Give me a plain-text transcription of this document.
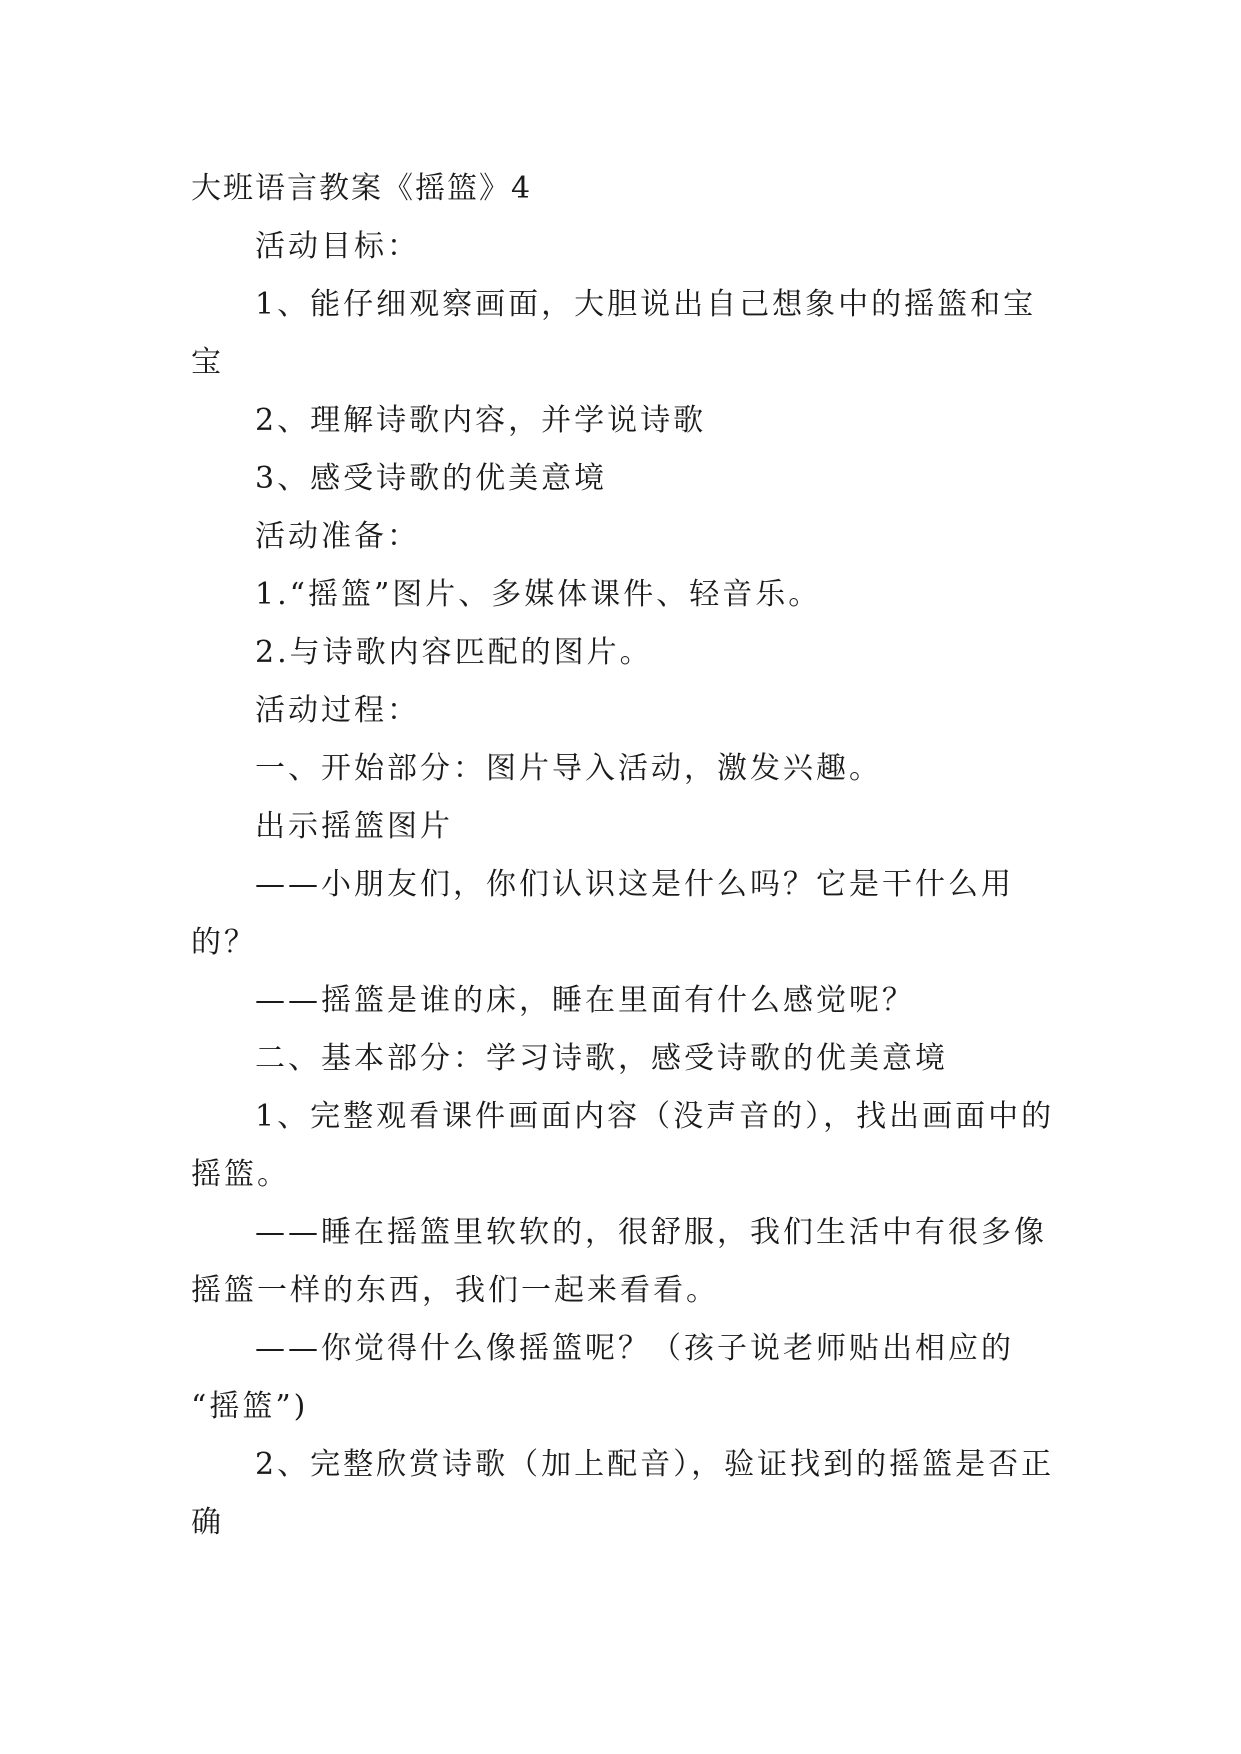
大班语言教案《摇篮》4
活动目标：
1、能仔细观察画面，大胆说出自己想象中的摇篮和宝
宝
2、理解诗歌内容，并学说诗歌
3、感受诗歌的优美意境
活动准备：
1.“摇篮”图片、多媒体课件、轻音乐。
2.与诗歌内容匹配的图片。
活动过程：
一、开始部分：图片导入活动，激发兴趣。
出示摇篮图片
——小朋友们，你们认识这是什么吗？它是干什么用
的？
——摇篮是谁的床，睡在里面有什么感觉呢？
二、基本部分：学习诗歌，感受诗歌的优美意境
1、完整观看课件画面内容（没声音的），找出画面中的
摇篮。
——睡在摇篮里软软的，很舒服，我们生活中有很多像
摇篮一样的东西，我们一起来看看。
——你觉得什么像摇篮呢？（孩子说老师贴出相应的
“摇篮”)
2、完整欣赏诗歌（加上配音），验证找到的摇篮是否正
确
